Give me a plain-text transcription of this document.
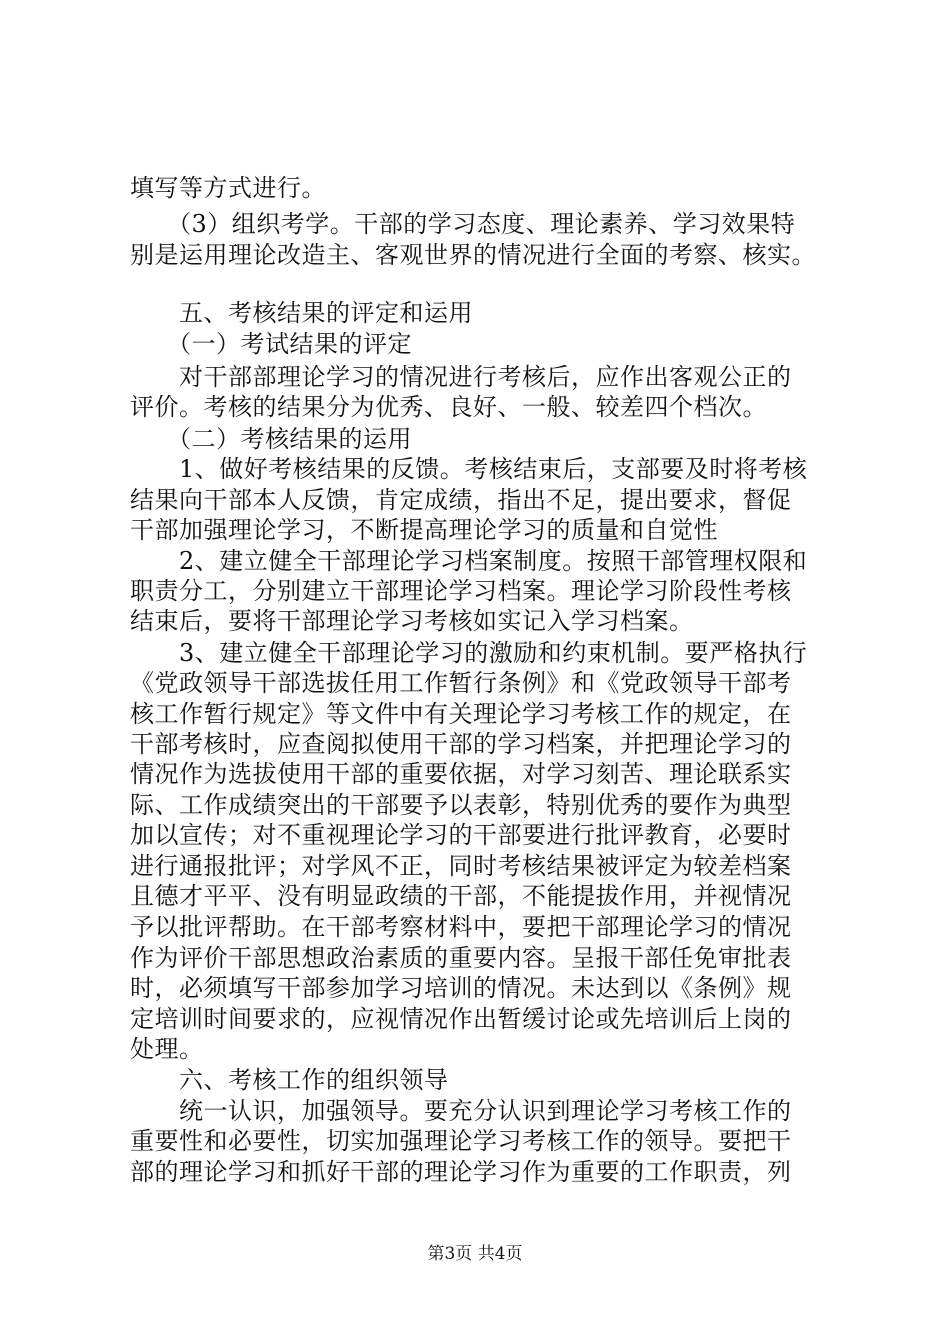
填写等方式进行。
　　（3）组织考学。干部的学习态度、理论素养、学习效果特
别是运用理论改造主、客观世界的情况进行全面的考察、核实。
　　五、考核结果的评定和运用
　　（一）考试结果的评定
　　对干部部理论学习的情况进行考核后，应作出客观公正的
评价。考核的结果分为优秀、良好、一般、较差四个档次。
　　（二）考核结果的运用
　　1、做好考核结果的反馈。考核结束后，支部要及时将考核
结果向干部本人反馈，肯定成绩，指出不足，提出要求，督促
干部加强理论学习，不断提高理论学习的质量和自觉性
　　2、建立健全干部理论学习档案制度。按照干部管理权限和
职责分工，分别建立干部理论学习档案。理论学习阶段性考核
结束后，要将干部理论学习考核如实记入学习档案。
　　3、建立健全干部理论学习的激励和约束机制。要严格执行
《党政领导干部选拔任用工作暂行条例》和《党政领导干部考
核工作暂行规定》等文件中有关理论学习考核工作的规定，在
干部考核时，应查阅拟使用干部的学习档案，并把理论学习的
情况作为选拔使用干部的重要依据，对学习刻苦、理论联系实
际、工作成绩突出的干部要予以表彰，特别优秀的要作为典型
加以宣传；对不重视理论学习的干部要进行批评教育，必要时
进行通报批评；对学风不正，同时考核结果被评定为较差档案
且德才平平、没有明显政绩的干部，不能提拔作用，并视情况
予以批评帮助。在干部考察材料中，要把干部理论学习的情况
作为评价干部思想政治素质的重要内容。呈报干部任免审批表
时，必须填写干部参加学习培训的情况。未达到以《条例》规
定培训时间要求的，应视情况作出暂缓讨论或先培训后上岗的
处理。
　　六、考核工作的组织领导
　　统一认识，加强领导。要充分认识到理论学习考核工作的
重要性和必要性，切实加强理论学习考核工作的领导。要把干
部的理论学习和抓好干部的理论学习作为重要的工作职责，列
第3页 共4页
